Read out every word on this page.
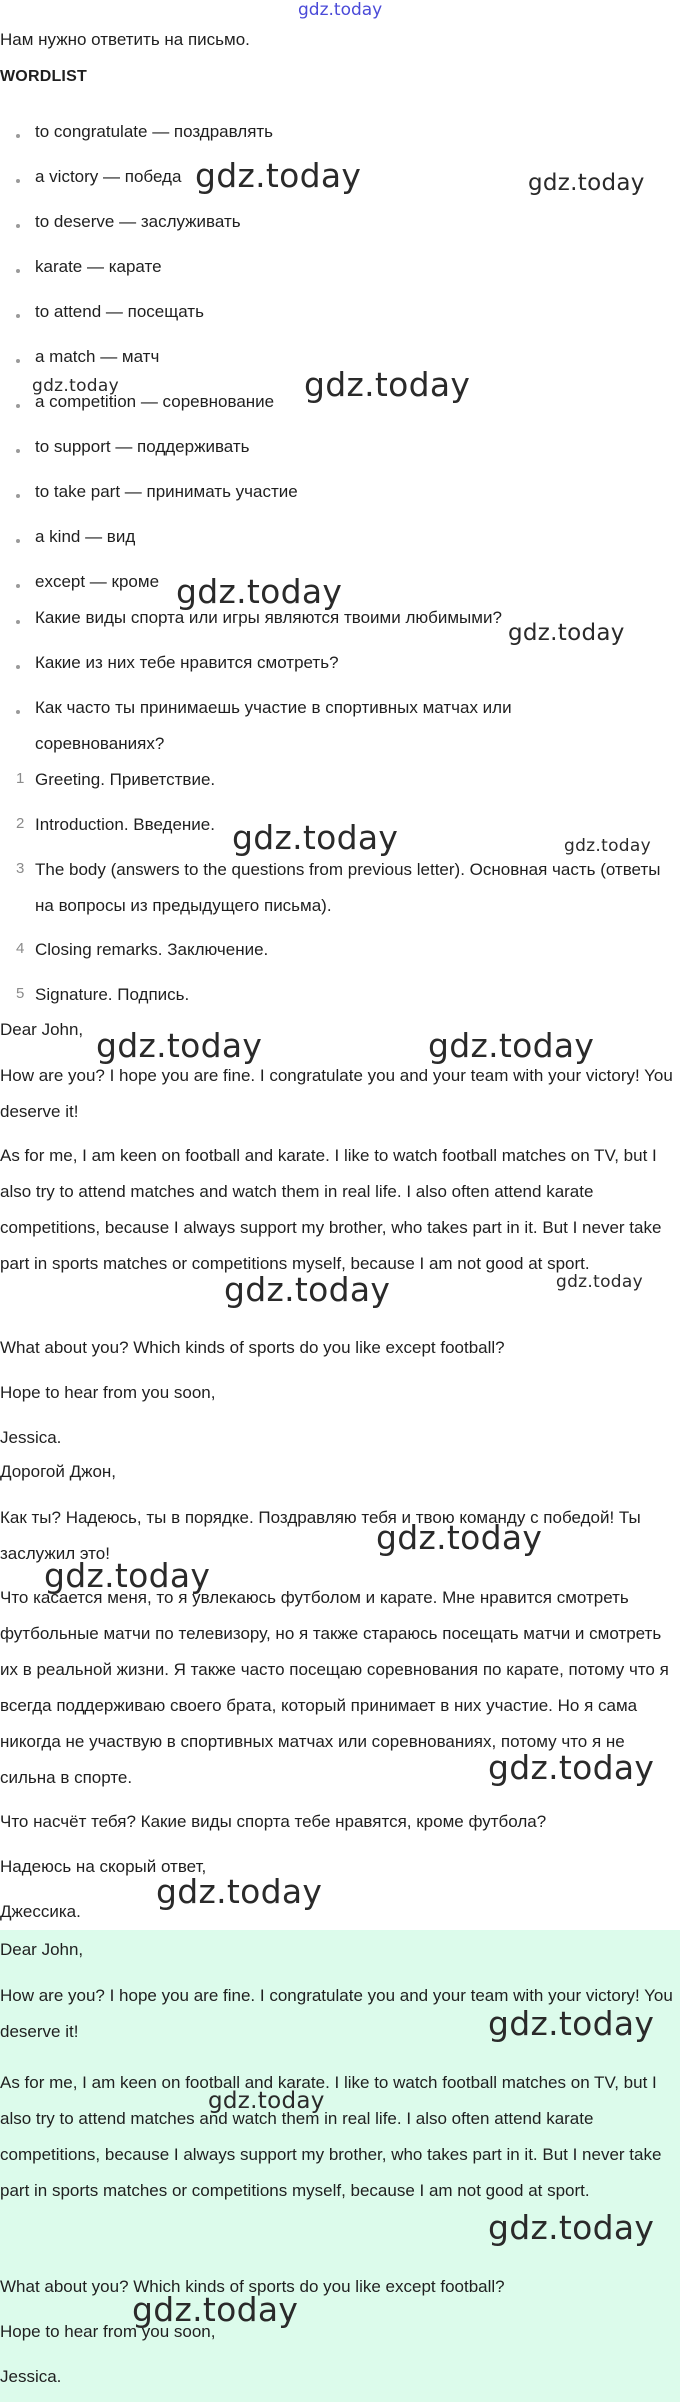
gdz.today
Нам нужно ответить на письмо.
WORDLIST
to congratulate — поздравлять
a victory — победа
to deserve — заслуживать
karate — карате
to attend — посещать
a match — матч
a competition — соревнование
to support — поддерживать
to take part — принимать участие
a kind — вид
except — кроме
Какие виды спорта или игры являются твоими любимыми?
Какие из них тебе нравится смотреть?
Как часто ты принимаешь участие в спортивных матчах или соревнованиях?
1 Greeting. Приветствие.
2 Introduction. Введение.
3 The body (answers to the questions from previous letter). Основная часть (ответы на вопросы из предыдущего письма).
4 Closing remarks. Заключение.
5 Signature. Подпись.
Dear John,
How are you? I hope you are fine. I congratulate you and your team with your victory! You deserve it!
As for me, I am keen on football and karate. I like to watch football matches on TV, but I also try to attend matches and watch them in real life. I also often attend karate competitions, because I always support my brother, who takes part in it. But I never take part in sports matches or competitions myself, because I am not good at sport.
What about you? Which kinds of sports do you like except football?
Hope to hear from you soon,
Jessica.
Дорогой Джон,
Как ты? Надеюсь, ты в порядке. Поздравляю тебя и твою команду с победой! Ты заслужил это!
Что касается меня, то я увлекаюсь футболом и карате. Мне нравится смотреть футбольные матчи по телевизору, но я также стараюсь посещать матчи и смотреть их в реальной жизни. Я также часто посещаю соревнования по карате, потому что я всегда поддерживаю своего брата, который принимает в них участие. Но я сама никогда не участвую в спортивных матчах или соревнованиях, потому что я не сильна в спорте.
Что насчёт тебя? Какие виды спорта тебе нравятся, кроме футбола?
Надеюсь на скорый ответ,
Джессика.
Dear John,
How are you? I hope you are fine. I congratulate you and your team with your victory! You deserve it!
As for me, I am keen on football and karate. I like to watch football matches on TV, but I also try to attend matches and watch them in real life. I also often attend karate competitions, because I always support my brother, who takes part in it. But I never take part in sports matches or competitions myself, because I am not good at sport.
What about you? Which kinds of sports do you like except football?
Hope to hear from you soon,
Jessica.
gdz.today	gdz.today
gdz.today	gdz.today
gdz.today
gdz.today
gdz.today	gdz.today
gdz.today	gdz.today
gdz.today	gdz.today
gdz.today
gdz.today
gdz.today
gdz.today
gdz.today
gdz.today
gdz.today
gdz.today
